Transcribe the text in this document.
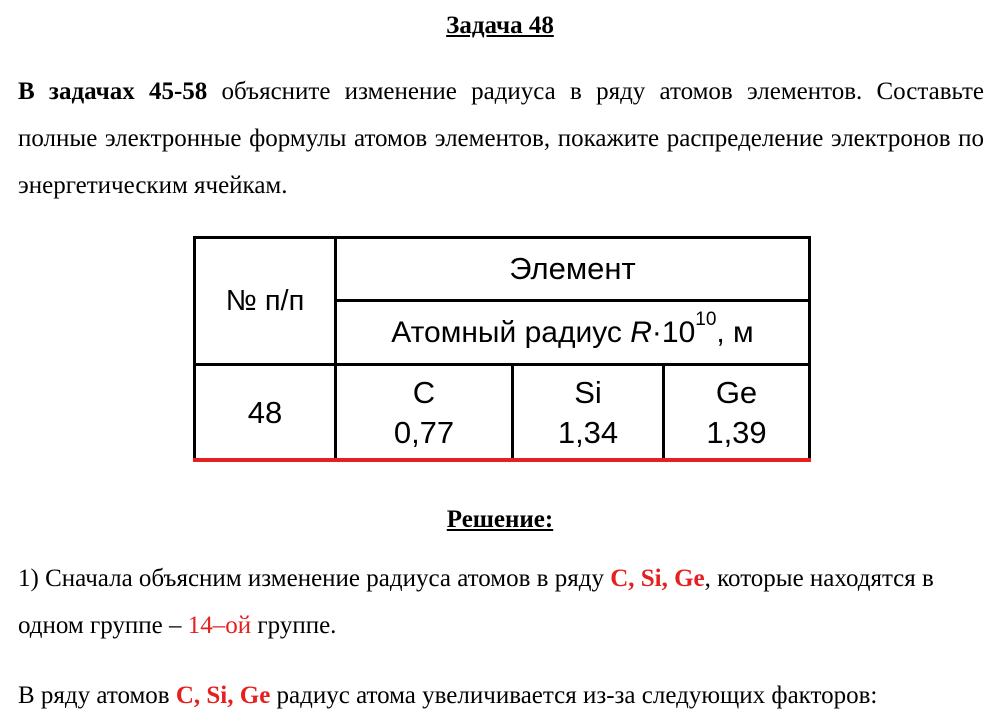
Задача 48
В задачах 45-58 объясните изменение радиуса в ряду атомов элементов. Составьте полные электронные формулы атомов элементов, покажите распределение электронов по энергетическим ячейкам.
№ п/п
Элемент
Атомный радиус R ·10 10 , м
48
C
0,77
Si
1,34
Ge
1,39
Решение:
1) Сначала объясним изменение радиуса атомов в ряду C, Si, Ge, которые находятся в одном группе – 14–ой группе.
В ряду атомов C, Si, Ge радиус атома увеличивается из-за следующих факторов:
